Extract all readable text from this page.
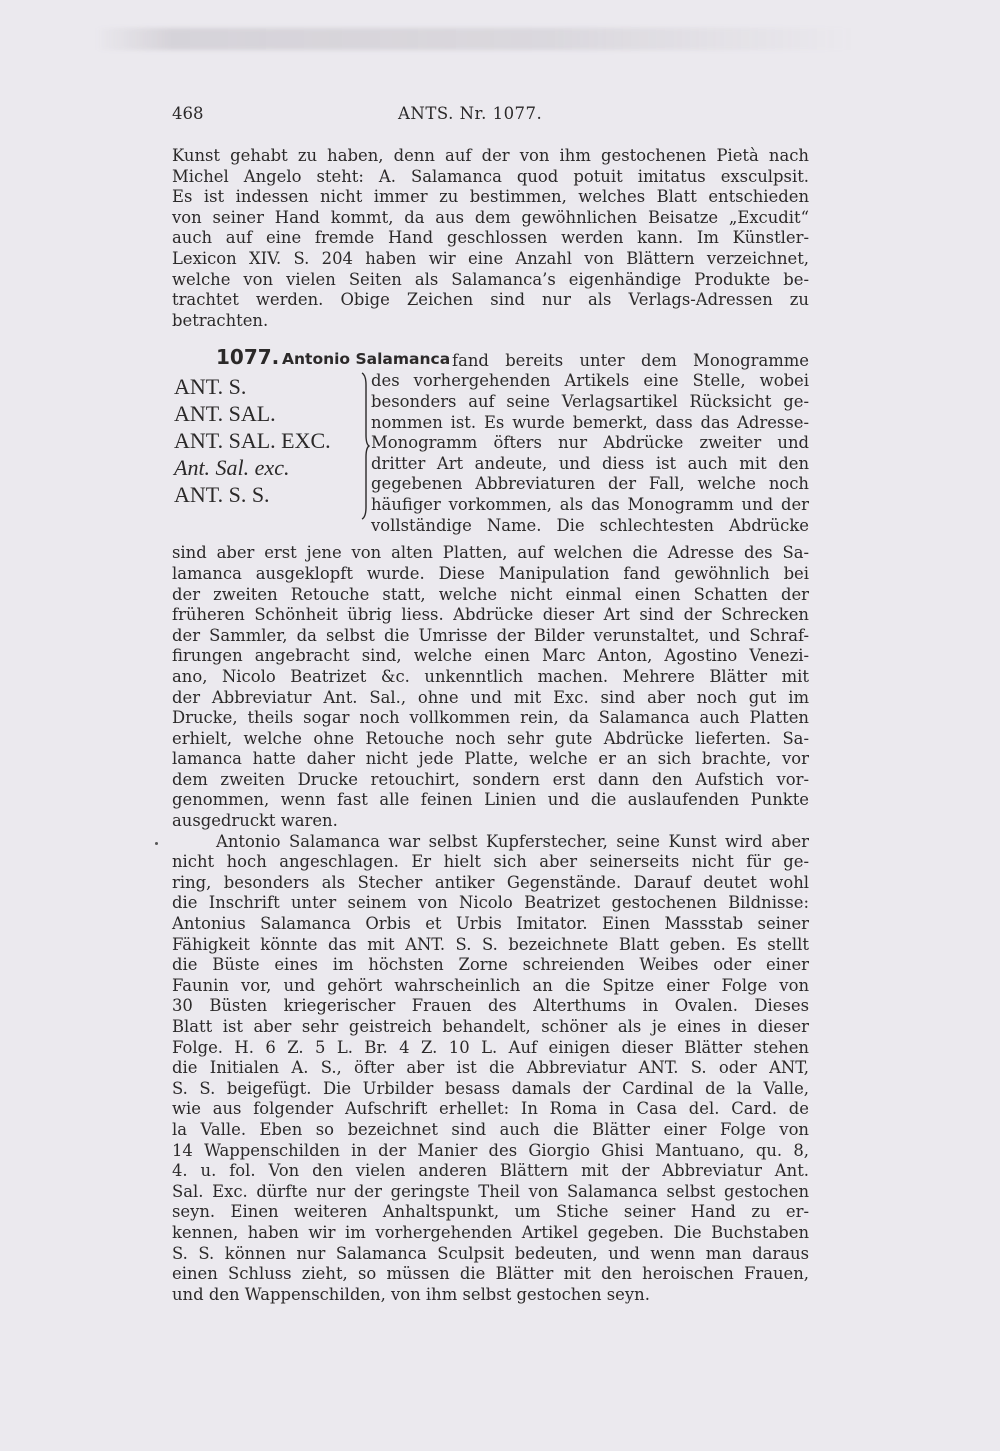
468	ANTS. Nr. 1077.
Kunst gehabt zu haben, denn auf der von ihm gestochenen Pietà nach
Michel Angelo steht: A. Salamanca quod potuit imitatus exsculpsit.
Es ist indessen nicht immer zu bestimmen, welches Blatt entschieden
von seiner Hand kommt, da aus dem gewöhnlichen Beisatze „Excudit“
auch auf eine fremde Hand geschlossen werden kann. Im Künstler-
Lexicon XIV. S. 204 haben wir eine Anzahl von Blättern verzeichnet,
welche von vielen Seiten als Salamanca’s eigenhändige Produkte be-
trachtet werden. Obige Zeichen sind nur als Verlags-Adressen zu
betrachten.
1077. Antonio Salamanca fand bereits unter dem Monogramme
ANT. S.
ANT. SAL.
ANT. SAL. EXC.
Ant. Sal. exc.
ANT. S. S.
des vorhergehenden Artikels eine Stelle, wobei
besonders auf seine Verlagsartikel Rücksicht ge-
nommen ist. Es wurde bemerkt, dass das Adresse-
Monogramm öfters nur Abdrücke zweiter und
dritter Art andeute, und diess ist auch mit den
gegebenen Abbreviaturen der Fall, welche noch
häufiger vorkommen, als das Monogramm und der
vollständige Name. Die schlechtesten Abdrücke
sind aber erst jene von alten Platten, auf welchen die Adresse des Sa-
lamanca ausgeklopft wurde. Diese Manipulation fand gewöhnlich bei
der zweiten Retouche statt, welche nicht einmal einen Schatten der
früheren Schönheit übrig liess. Abdrücke dieser Art sind der Schrecken
der Sammler, da selbst die Umrisse der Bilder verunstaltet, und Schraf-
firungen angebracht sind, welche einen Marc Anton, Agostino Venezi-
ano, Nicolo Beatrizet &c. unkenntlich machen. Mehrere Blätter mit
der Abbreviatur Ant. Sal., ohne und mit Exc. sind aber noch gut im
Drucke, theils sogar noch vollkommen rein, da Salamanca auch Platten
erhielt, welche ohne Retouche noch sehr gute Abdrücke lieferten. Sa-
lamanca hatte daher nicht jede Platte, welche er an sich brachte, vor
dem zweiten Drucke retouchirt, sondern erst dann den Aufstich vor-
genommen, wenn fast alle feinen Linien und die auslaufenden Punkte
ausgedruckt waren.
Antonio Salamanca war selbst Kupferstecher, seine Kunst wird aber
nicht hoch angeschlagen. Er hielt sich aber seinerseits nicht für ge-
ring, besonders als Stecher antiker Gegenstände. Darauf deutet wohl
die Inschrift unter seinem von Nicolo Beatrizet gestochenen Bildnisse:
Antonius Salamanca Orbis et Urbis Imitator. Einen Massstab seiner
Fähigkeit könnte das mit ANT. S. S. bezeichnete Blatt geben. Es stellt
die Büste eines im höchsten Zorne schreienden Weibes oder einer
Faunin vor, und gehört wahrscheinlich an die Spitze einer Folge von
30 Büsten kriegerischer Frauen des Alterthums in Ovalen. Dieses
Blatt ist aber sehr geistreich behandelt, schöner als je eines in dieser
Folge. H. 6 Z. 5 L. Br. 4 Z. 10 L. Auf einigen dieser Blätter stehen
die Initialen A. S., öfter aber ist die Abbreviatur ANT. S. oder ANT,
S. S. beigefügt. Die Urbilder besass damals der Cardinal de la Valle,
wie aus folgender Aufschrift erhellet: In Roma in Casa del. Card. de
la Valle. Eben so bezeichnet sind auch die Blätter einer Folge von
14 Wappenschilden in der Manier des Giorgio Ghisi Mantuano, qu. 8,
4. u. fol. Von den vielen anderen Blättern mit der Abbreviatur Ant.
Sal. Exc. dürfte nur der geringste Theil von Salamanca selbst gestochen
seyn. Einen weiteren Anhaltspunkt, um Stiche seiner Hand zu er-
kennen, haben wir im vorhergehenden Artikel gegeben. Die Buchstaben
S. S. können nur Salamanca Sculpsit bedeuten, und wenn man daraus
einen Schluss zieht, so müssen die Blätter mit den heroischen Frauen,
und den Wappenschilden, von ihm selbst gestochen seyn.
